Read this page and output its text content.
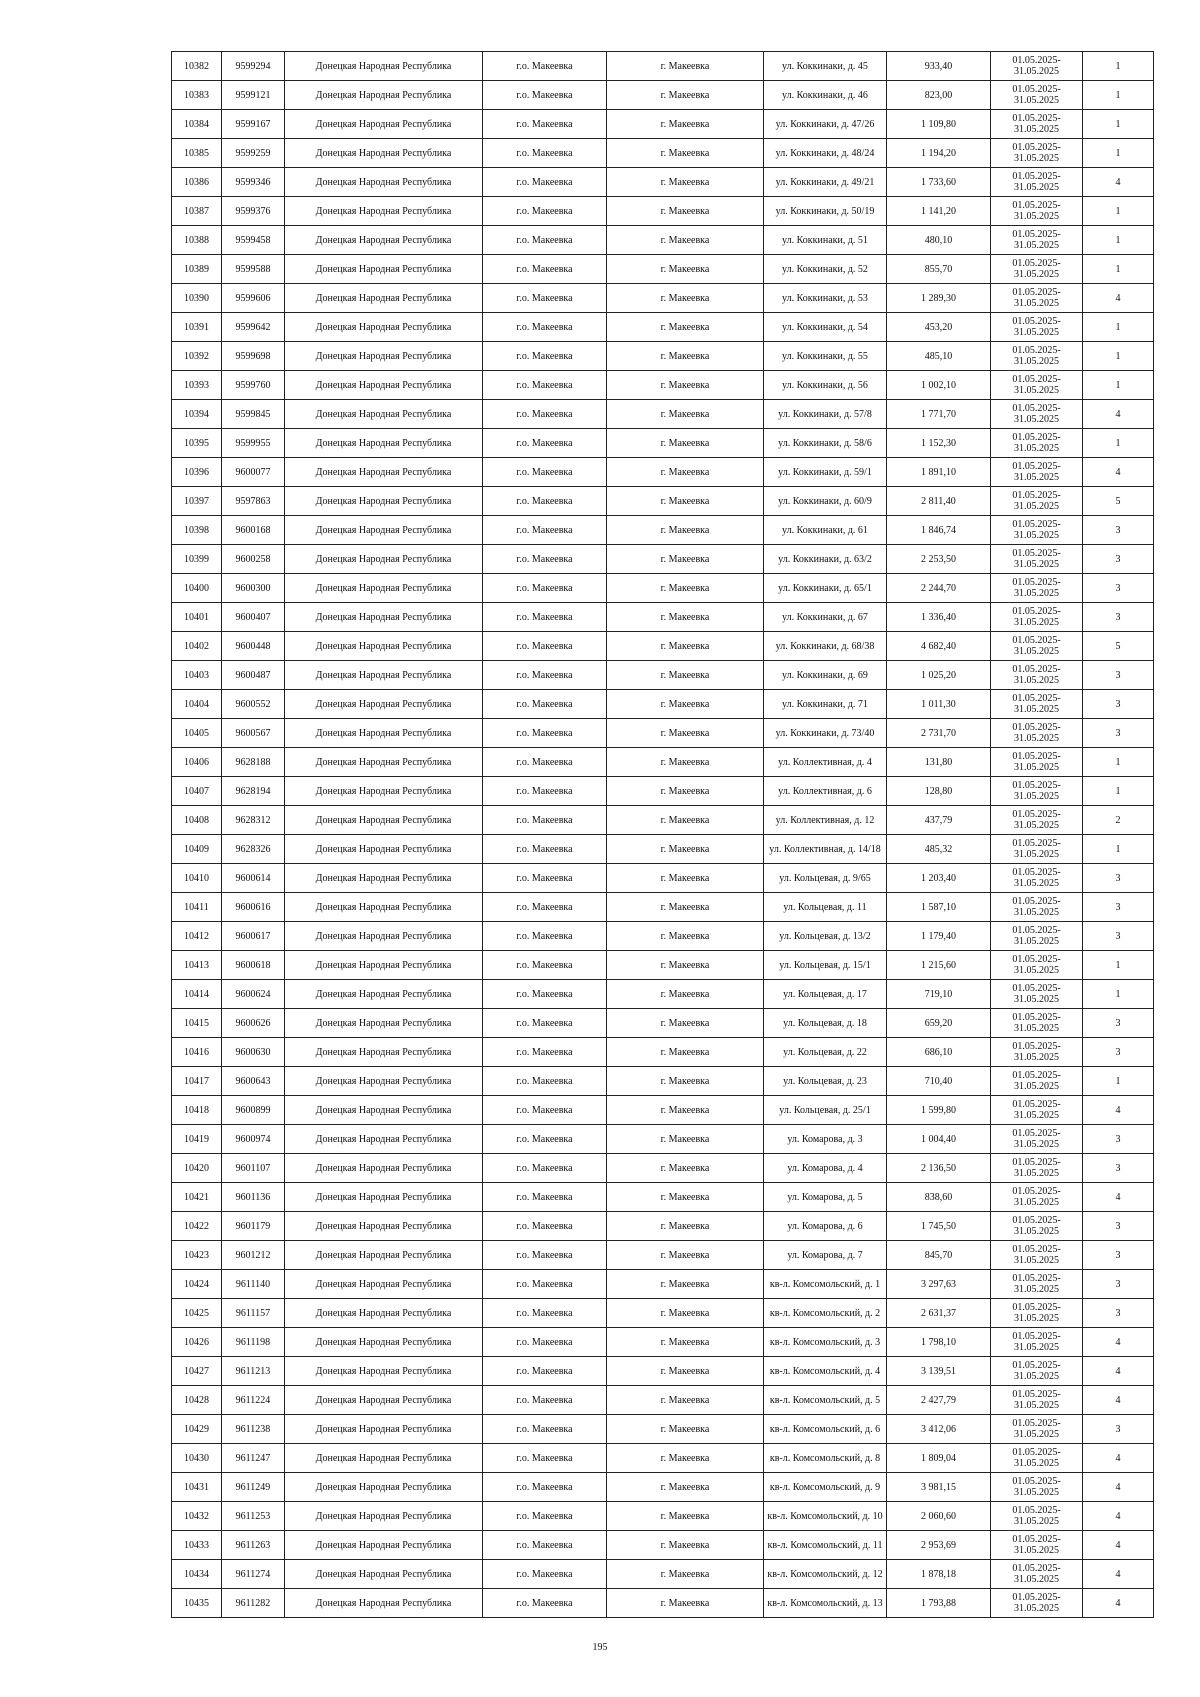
10382	9599294	Донецкая Народная Республика	г.о. Макеевка	г. Макеевка	ул. Коккинаки, д. 45	933,40	01.05.2025-31.05.2025	1
10383	9599121	Донецкая Народная Республика	г.о. Макеевка	г. Макеевка	ул. Коккинаки, д. 46	823,00	01.05.2025-31.05.2025	1
10384	9599167	Донецкая Народная Республика	г.о. Макеевка	г. Макеевка	ул. Коккинаки, д. 47/26	1 109,80	01.05.2025-31.05.2025	1
10385	9599259	Донецкая Народная Республика	г.о. Макеевка	г. Макеевка	ул. Коккинаки, д. 48/24	1 194,20	01.05.2025-31.05.2025	1
10386	9599346	Донецкая Народная Республика	г.о. Макеевка	г. Макеевка	ул. Коккинаки, д. 49/21	1 733,60	01.05.2025-31.05.2025	4
10387	9599376	Донецкая Народная Республика	г.о. Макеевка	г. Макеевка	ул. Коккинаки, д. 50/19	1 141,20	01.05.2025-31.05.2025	1
10388	9599458	Донецкая Народная Республика	г.о. Макеевка	г. Макеевка	ул. Коккинаки, д. 51	480,10	01.05.2025-31.05.2025	1
10389	9599588	Донецкая Народная Республика	г.о. Макеевка	г. Макеевка	ул. Коккинаки, д. 52	855,70	01.05.2025-31.05.2025	1
10390	9599606	Донецкая Народная Республика	г.о. Макеевка	г. Макеевка	ул. Коккинаки, д. 53	1 289,30	01.05.2025-31.05.2025	4
10391	9599642	Донецкая Народная Республика	г.о. Макеевка	г. Макеевка	ул. Коккинаки, д. 54	453,20	01.05.2025-31.05.2025	1
10392	9599698	Донецкая Народная Республика	г.о. Макеевка	г. Макеевка	ул. Коккинаки, д. 55	485,10	01.05.2025-31.05.2025	1
10393	9599760	Донецкая Народная Республика	г.о. Макеевка	г. Макеевка	ул. Коккинаки, д. 56	1 002,10	01.05.2025-31.05.2025	1
10394	9599845	Донецкая Народная Республика	г.о. Макеевка	г. Макеевка	ул. Коккинаки, д. 57/8	1 771,70	01.05.2025-31.05.2025	4
10395	9599955	Донецкая Народная Республика	г.о. Макеевка	г. Макеевка	ул. Коккинаки, д. 58/6	1 152,30	01.05.2025-31.05.2025	1
10396	9600077	Донецкая Народная Республика	г.о. Макеевка	г. Макеевка	ул. Коккинаки, д. 59/1	1 891,10	01.05.2025-31.05.2025	4
10397	9597863	Донецкая Народная Республика	г.о. Макеевка	г. Макеевка	ул. Коккинаки, д. 60/9	2 811,40	01.05.2025-31.05.2025	5
10398	9600168	Донецкая Народная Республика	г.о. Макеевка	г. Макеевка	ул. Коккинаки, д. 61	1 846,74	01.05.2025-31.05.2025	3
10399	9600258	Донецкая Народная Республика	г.о. Макеевка	г. Макеевка	ул. Коккинаки, д. 63/2	2 253,50	01.05.2025-31.05.2025	3
10400	9600300	Донецкая Народная Республика	г.о. Макеевка	г. Макеевка	ул. Коккинаки, д. 65/1	2 244,70	01.05.2025-31.05.2025	3
10401	9600407	Донецкая Народная Республика	г.о. Макеевка	г. Макеевка	ул. Коккинаки, д. 67	1 336,40	01.05.2025-31.05.2025	3
10402	9600448	Донецкая Народная Республика	г.о. Макеевка	г. Макеевка	ул. Коккинаки, д. 68/38	4 682,40	01.05.2025-31.05.2025	5
10403	9600487	Донецкая Народная Республика	г.о. Макеевка	г. Макеевка	ул. Коккинаки, д. 69	1 025,20	01.05.2025-31.05.2025	3
10404	9600552	Донецкая Народная Республика	г.о. Макеевка	г. Макеевка	ул. Коккинаки, д. 71	1 011,30	01.05.2025-31.05.2025	3
10405	9600567	Донецкая Народная Республика	г.о. Макеевка	г. Макеевка	ул. Коккинаки, д. 73/40	2 731,70	01.05.2025-31.05.2025	3
10406	9628188	Донецкая Народная Республика	г.о. Макеевка	г. Макеевка	ул. Коллективная, д. 4	131,80	01.05.2025-31.05.2025	1
10407	9628194	Донецкая Народная Республика	г.о. Макеевка	г. Макеевка	ул. Коллективная, д. 6	128,80	01.05.2025-31.05.2025	1
10408	9628312	Донецкая Народная Республика	г.о. Макеевка	г. Макеевка	ул. Коллективная, д. 12	437,79	01.05.2025-31.05.2025	2
10409	9628326	Донецкая Народная Республика	г.о. Макеевка	г. Макеевка	ул. Коллективная, д. 14/18	485,32	01.05.2025-31.05.2025	1
10410	9600614	Донецкая Народная Республика	г.о. Макеевка	г. Макеевка	ул. Кольцевая, д. 9/65	1 203,40	01.05.2025-31.05.2025	3
10411	9600616	Донецкая Народная Республика	г.о. Макеевка	г. Макеевка	ул. Кольцевая, д. 11	1 587,10	01.05.2025-31.05.2025	3
10412	9600617	Донецкая Народная Республика	г.о. Макеевка	г. Макеевка	ул. Кольцевая, д. 13/2	1 179,40	01.05.2025-31.05.2025	3
10413	9600618	Донецкая Народная Республика	г.о. Макеевка	г. Макеевка	ул. Кольцевая, д. 15/1	1 215,60	01.05.2025-31.05.2025	1
10414	9600624	Донецкая Народная Республика	г.о. Макеевка	г. Макеевка	ул. Кольцевая, д. 17	719,10	01.05.2025-31.05.2025	1
10415	9600626	Донецкая Народная Республика	г.о. Макеевка	г. Макеевка	ул. Кольцевая, д. 18	659,20	01.05.2025-31.05.2025	3
10416	9600630	Донецкая Народная Республика	г.о. Макеевка	г. Макеевка	ул. Кольцевая, д. 22	686,10	01.05.2025-31.05.2025	3
10417	9600643	Донецкая Народная Республика	г.о. Макеевка	г. Макеевка	ул. Кольцевая, д. 23	710,40	01.05.2025-31.05.2025	1
10418	9600899	Донецкая Народная Республика	г.о. Макеевка	г. Макеевка	ул. Кольцевая, д. 25/1	1 599,80	01.05.2025-31.05.2025	4
10419	9600974	Донецкая Народная Республика	г.о. Макеевка	г. Макеевка	ул. Комарова, д. 3	1 004,40	01.05.2025-31.05.2025	3
10420	9601107	Донецкая Народная Республика	г.о. Макеевка	г. Макеевка	ул. Комарова, д. 4	2 136,50	01.05.2025-31.05.2025	3
10421	9601136	Донецкая Народная Республика	г.о. Макеевка	г. Макеевка	ул. Комарова, д. 5	838,60	01.05.2025-31.05.2025	4
10422	9601179	Донецкая Народная Республика	г.о. Макеевка	г. Макеевка	ул. Комарова, д. 6	1 745,50	01.05.2025-31.05.2025	3
10423	9601212	Донецкая Народная Республика	г.о. Макеевка	г. Макеевка	ул. Комарова, д. 7	845,70	01.05.2025-31.05.2025	3
10424	9611140	Донецкая Народная Республика	г.о. Макеевка	г. Макеевка	кв-л. Комсомольский, д. 1	3 297,63	01.05.2025-31.05.2025	3
10425	9611157	Донецкая Народная Республика	г.о. Макеевка	г. Макеевка	кв-л. Комсомольский, д. 2	2 631,37	01.05.2025-31.05.2025	3
10426	9611198	Донецкая Народная Республика	г.о. Макеевка	г. Макеевка	кв-л. Комсомольский, д. 3	1 798,10	01.05.2025-31.05.2025	4
10427	9611213	Донецкая Народная Республика	г.о. Макеевка	г. Макеевка	кв-л. Комсомольский, д. 4	3 139,51	01.05.2025-31.05.2025	4
10428	9611224	Донецкая Народная Республика	г.о. Макеевка	г. Макеевка	кв-л. Комсомольский, д. 5	2 427,79	01.05.2025-31.05.2025	4
10429	9611238	Донецкая Народная Республика	г.о. Макеевка	г. Макеевка	кв-л. Комсомольский, д. 6	3 412,06	01.05.2025-31.05.2025	3
10430	9611247	Донецкая Народная Республика	г.о. Макеевка	г. Макеевка	кв-л. Комсомольский, д. 8	1 809,04	01.05.2025-31.05.2025	4
10431	9611249	Донецкая Народная Республика	г.о. Макеевка	г. Макеевка	кв-л. Комсомольский, д. 9	3 981,15	01.05.2025-31.05.2025	4
10432	9611253	Донецкая Народная Республика	г.о. Макеевка	г. Макеевка	кв-л. Комсомольский, д. 10	2 060,60	01.05.2025-31.05.2025	4
10433	9611263	Донецкая Народная Республика	г.о. Макеевка	г. Макеевка	кв-л. Комсомольский, д. 11	2 953,69	01.05.2025-31.05.2025	4
10434	9611274	Донецкая Народная Республика	г.о. Макеевка	г. Макеевка	кв-л. Комсомольский, д. 12	1 878,18	01.05.2025-31.05.2025	4
10435	9611282	Донецкая Народная Республика	г.о. Макеевка	г. Макеевка	кв-л. Комсомольский, д. 13	1 793,88	01.05.2025-31.05.2025	4
195
